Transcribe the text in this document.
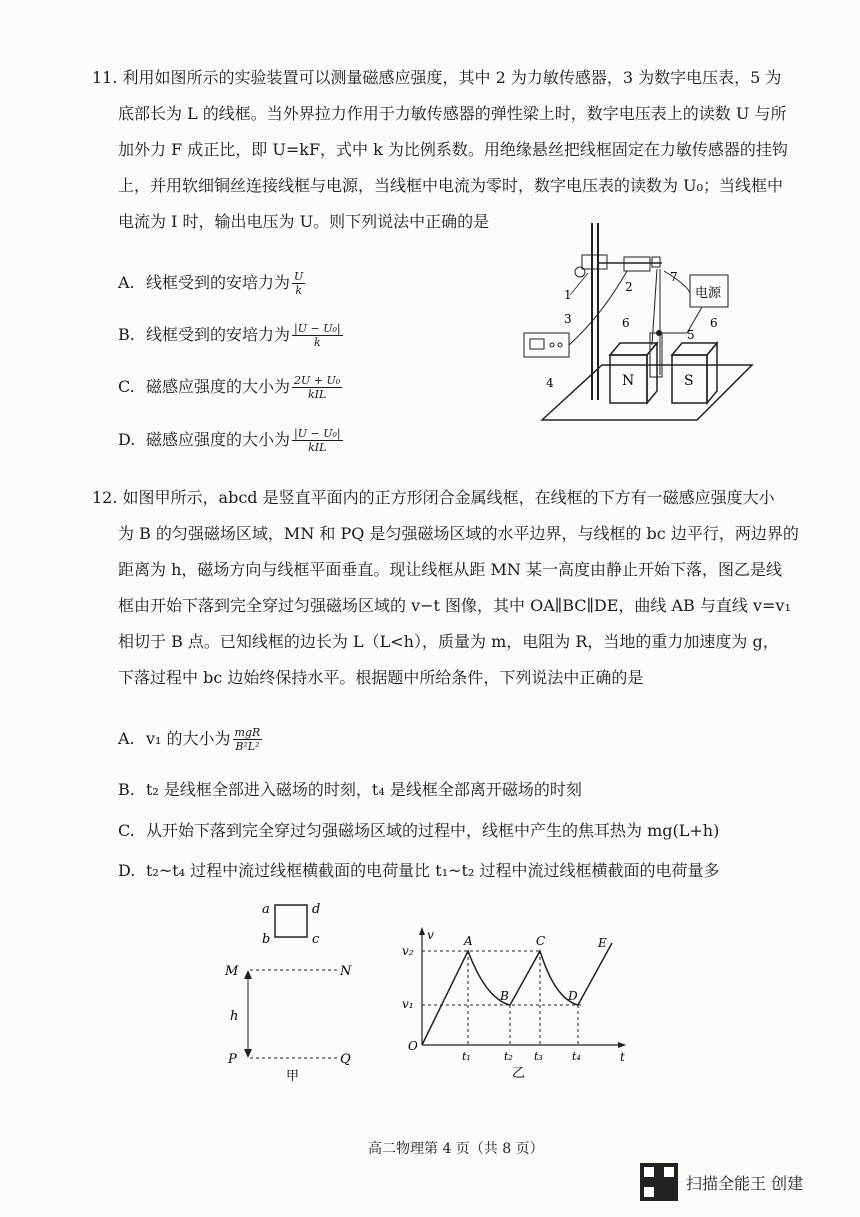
11. 利用如图所示的实验装置可以测量磁感应强度，其中 2 为力敏传感器，3 为数字电压表，5 为
底部长为 L 的线框。当外界拉力作用于力敏传感器的弹性梁上时，数字电压表上的读数 U 与所
加外力 F 成正比，即 U=kF，式中 k 为比例系数。用绝缘悬丝把线框固定在力敏传感器的挂钩
上，并用软细铜丝连接线框与电源，当线框中电流为零时，数字电压表的读数为 U₀；当线框中
电流为 I 时，输出电压为 U。则下列说法中正确的是
A. 线框受到的安培力为 $\frac{U}{k}$
B. 线框受到的安培力为 $\frac{\text{|U − U₀|}}{k}$
C. 磁感应强度的大小为 $\frac{\text{2U + U₀}}{\text{kIL}}$
D. 磁感应强度的大小为 $\frac{\text{|U − U₀|}}{\text{kIL}}$
1
2
3
4
5
6	6
7
电源
N	S
12. 如图甲所示，abcd 是竖直平面内的正方形闭合金属线框，在线框的下方有一磁感应强度大小
为 B 的匀强磁场区域，MN 和 PQ 是匀强磁场区域的水平边界，与线框的 bc 边平行，两边界的
距离为 h，磁场方向与线框平面垂直。现让线框从距 MN 某一高度由静止开始下落，图乙是线
框由开始下落到完全穿过匀强磁场区域的 v−t 图像，其中 OA∥BC∥DE，曲线 AB 与直线 v=v₁
相切于 B 点。已知线框的边长为 L（L<h），质量为 m，电阻为 R，当地的重力加速度为 g，
下落过程中 bc 边始终保持水平。根据题中所给条件，下列说法中正确的是
A. v₁ 的大小为 $\frac{\text{mgR}}{\text{B²L²}}$
B. t₂ 是线框全部进入磁场的时刻，t₄ 是线框全部离开磁场的时刻
C. 从开始下落到完全穿过匀强磁场区域的过程中，线框中产生的焦耳热为 mg(L+h)
D. t₂~t₄ 过程中流过线框横截面的电荷量比 t₁~t₂ 过程中流过线框横截面的电荷量多
a	d
b	c
M	N
P	Q
h
甲
v
t
O
v₂
v₁
A
B
C
D
E
t₁	t₂ t₃	t₄
乙
高二物理第 4 页（共 8 页）
扫描全能王 创建
